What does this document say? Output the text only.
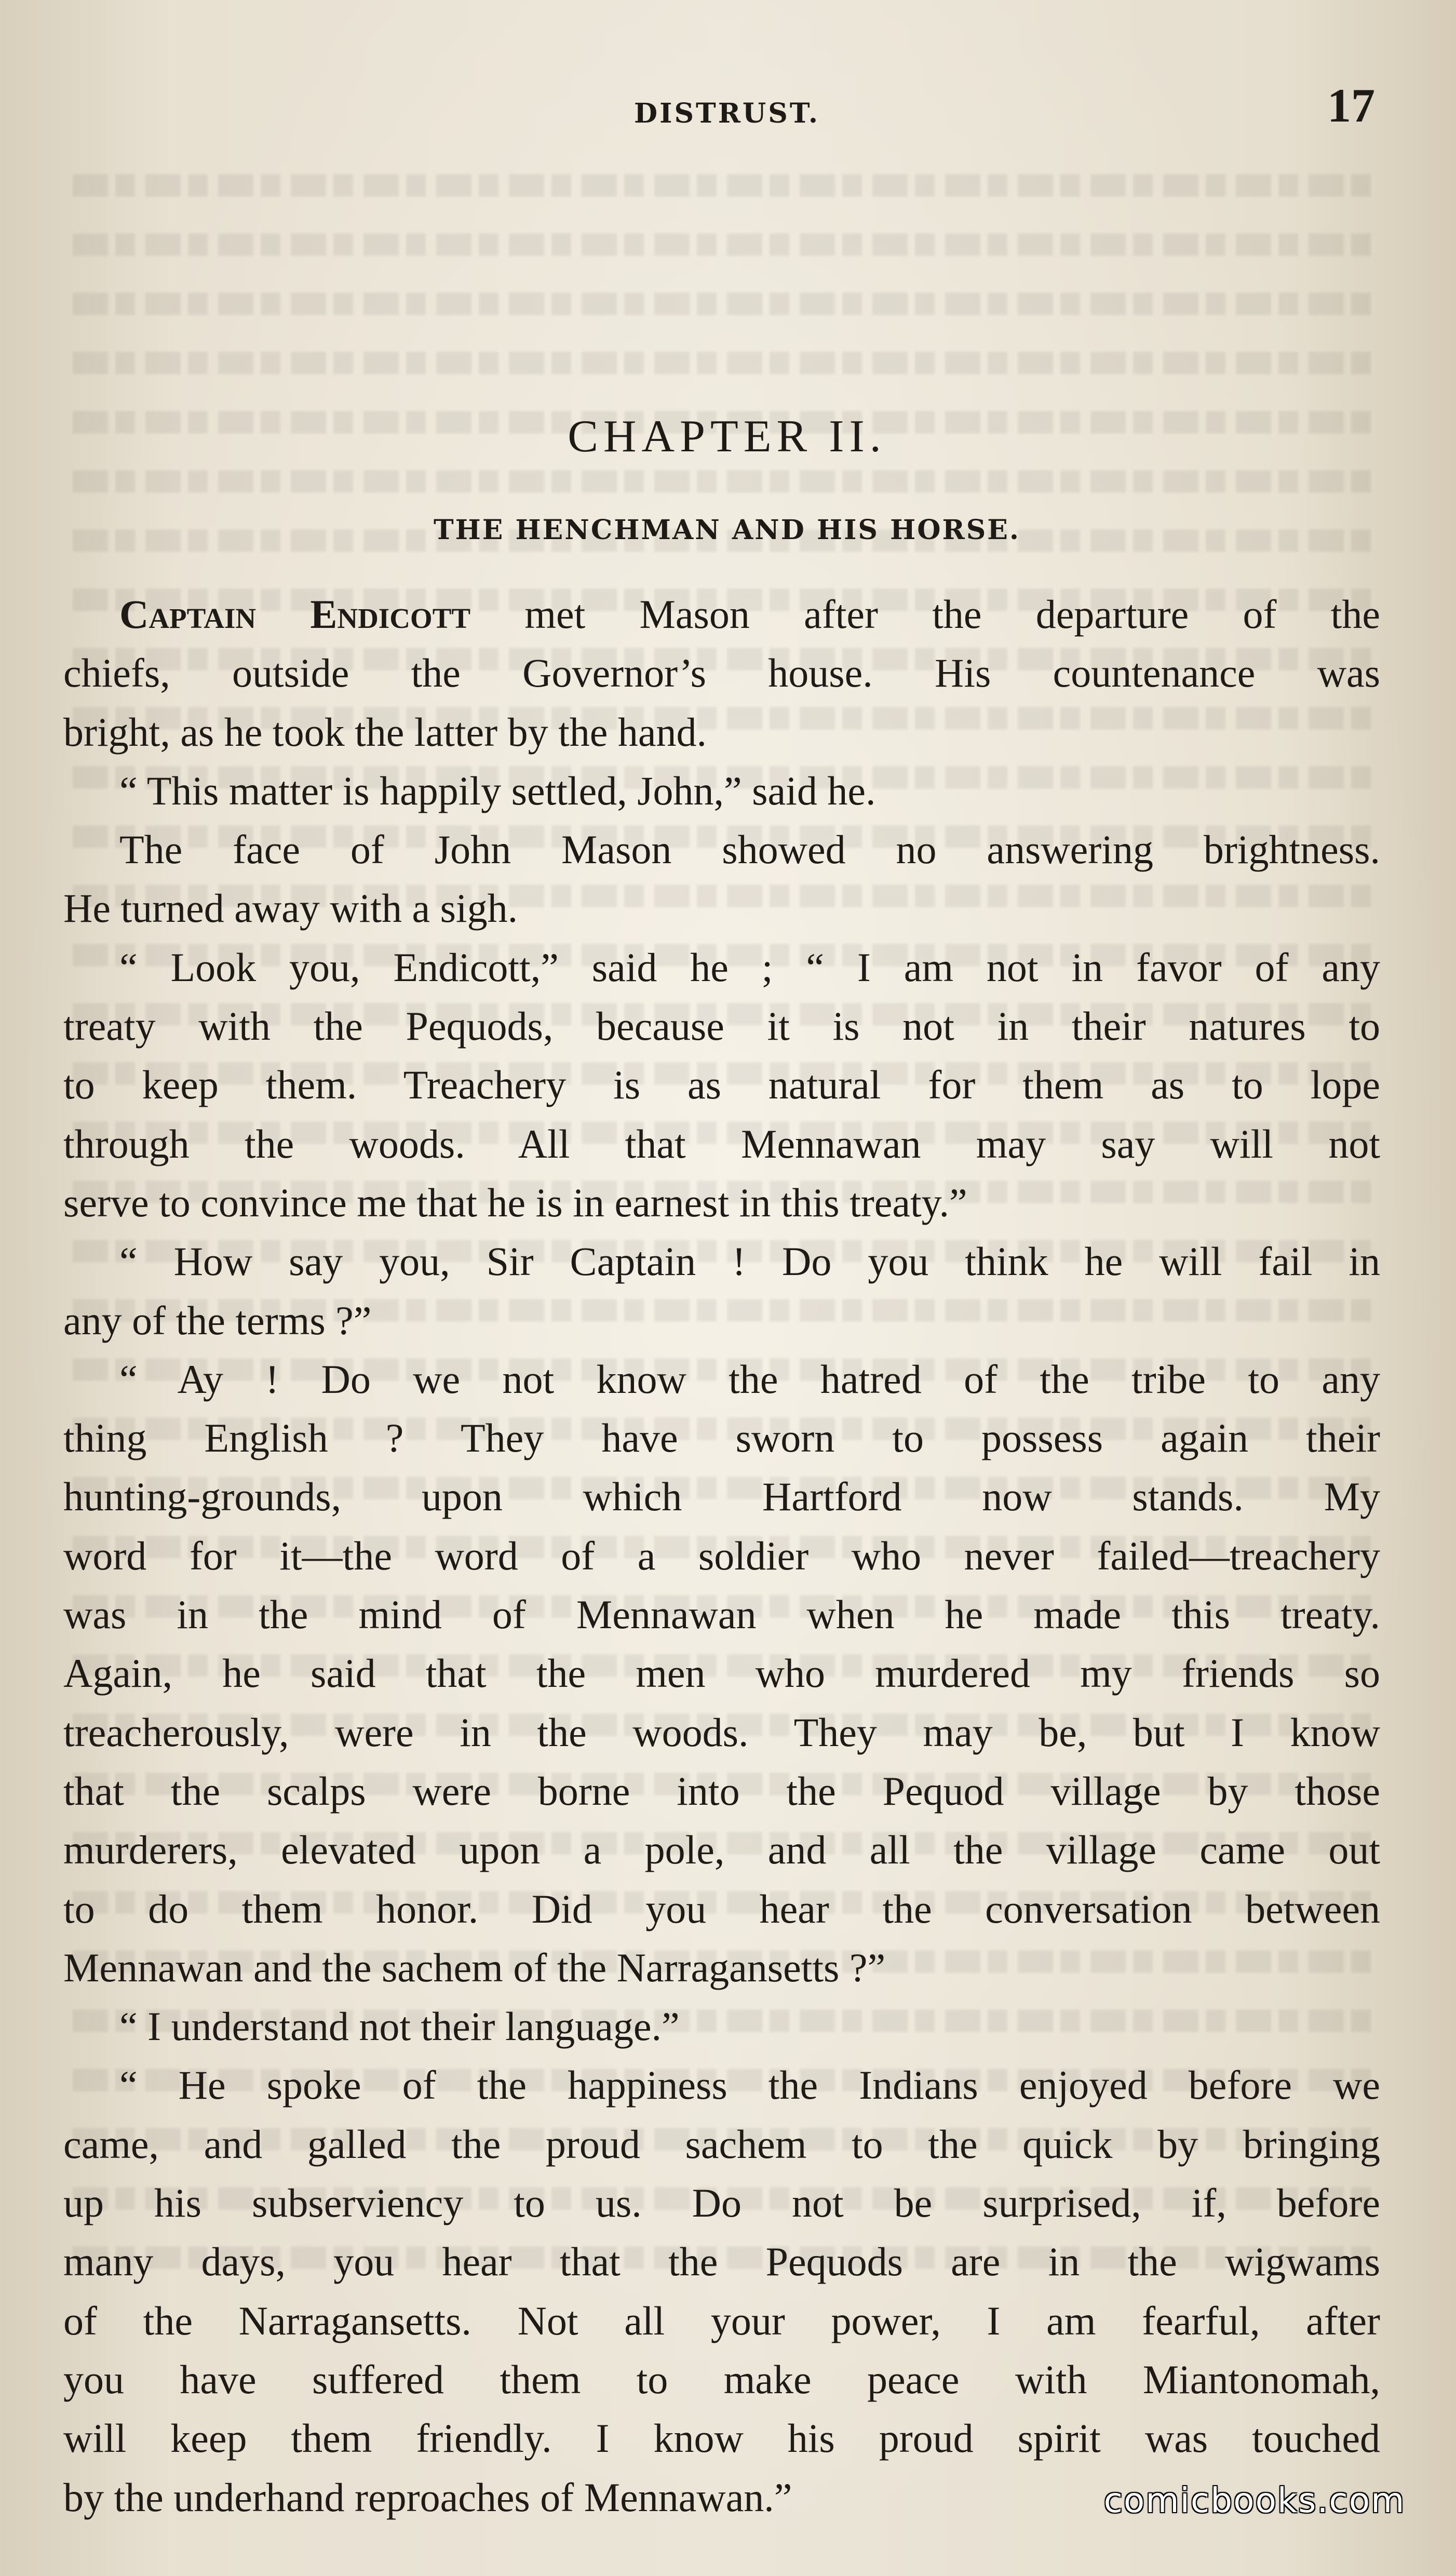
DISTRUST.	17
CHAPTER II.
THE HENCHMAN AND HIS HORSE.
Captain Endicott met Mason after the departure of the
chiefs, outside the Governor’s house. His countenance was
bright, as he took the latter by the hand.
“ This matter is happily settled, John,” said he.
The face of John Mason showed no answering brightness.
He turned away with a sigh.
“ Look you, Endicott,” said he ; “ I am not in favor of any
treaty with the Pequods, because it is not in their natures to
to keep them. Treachery is as natural for them as to lope
through the woods. All that Mennawan may say will not
serve to convince me that he is in earnest in this treaty.”
“ How say you, Sir Captain ! Do you think he will fail in
any of the terms ?”
“ Ay ! Do we not know the hatred of the tribe to any
thing English ? They have sworn to possess again their
hunting-grounds, upon which Hartford now stands. My
word for it—the word of a soldier who never failed—treachery
was in the mind of Mennawan when he made this treaty.
Again, he said that the men who murdered my friends so
treacherously, were in the woods. They may be, but I know
that the scalps were borne into the Pequod village by those
murderers, elevated upon a pole, and all the village came out
to do them honor. Did you hear the conversation between
Mennawan and the sachem of the Narragansetts ?”
“ I understand not their language.”
“ He spoke of the happiness the Indians enjoyed before we
came, and galled the proud sachem to the quick by bringing
up his subserviency to us. Do not be surprised, if, before
many days, you hear that the Pequods are in the wigwams
of the Narragansetts. Not all your power, I am fearful, after
you have suffered them to make peace with Miantonomah,
will keep them friendly. I know his proud spirit was touched
by the underhand reproaches of Mennawan.”	comicbooks.com
